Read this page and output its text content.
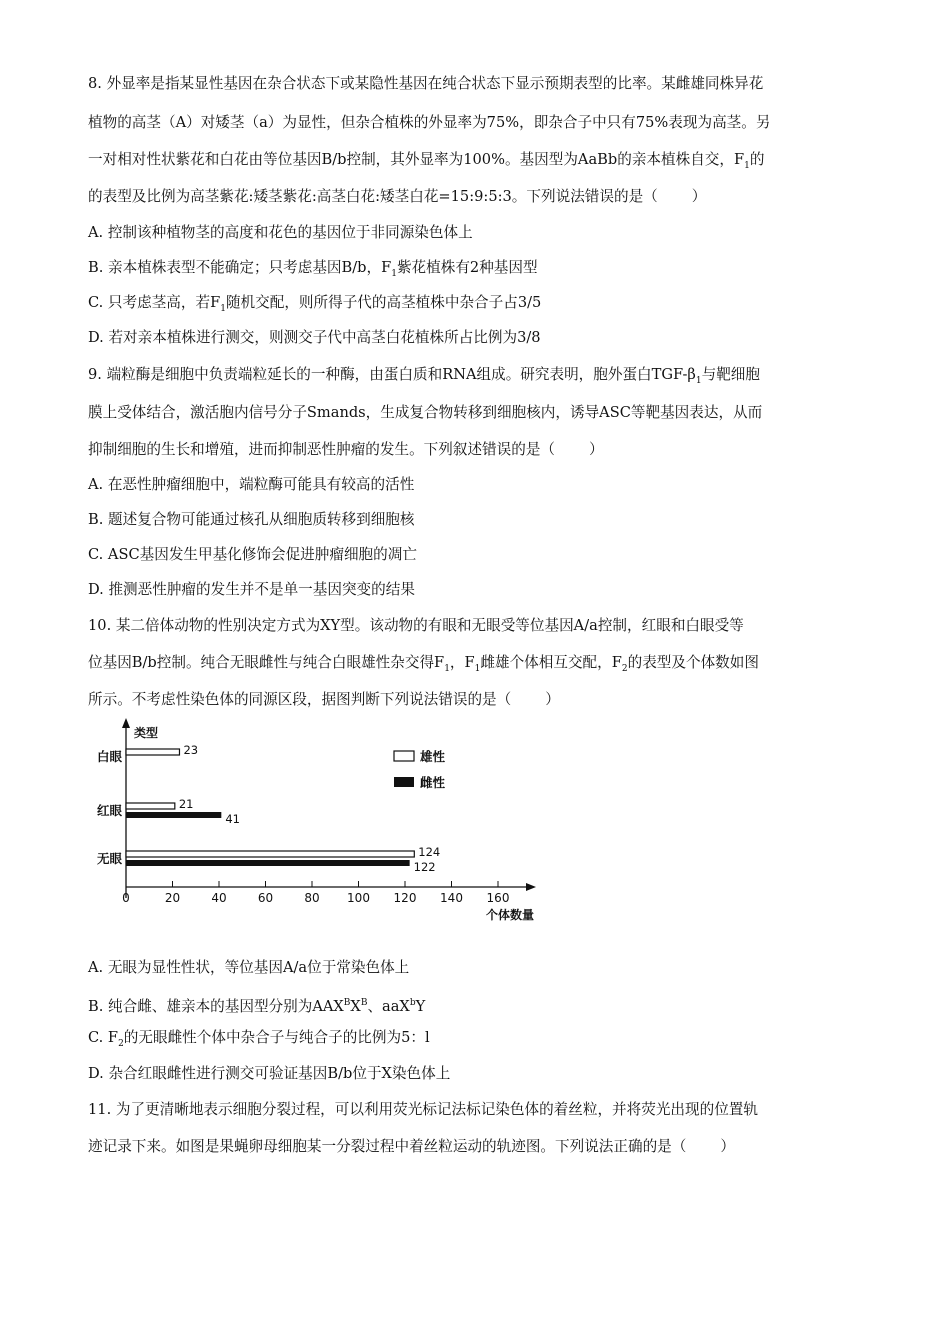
8. 外显率是指某显性基因在杂合状态下或某隐性基因在纯合状态下显示预期表型的比率。某雌雄同株异花
植物的高茎（A）对矮茎（a）为显性，但杂合植株的外显率为75%，即杂合子中只有75%表现为高茎。另
一对相对性状紫花和白花由等位基因B/b控制，其外显率为100%。基因型为AaBb的亲本植株自交，$F_1$的
的表型及比例为高茎紫花:矮茎紫花:高茎白花:矮茎白花=15:9:5:3。下列说法错误的是（ ）
A. 控制该种植物茎的高度和花色的基因位于非同源染色体上
B. 亲本植株表型不能确定；只考虑基因B/b，$F_1$紫花植株有2种基因型
C. 只考虑茎高，若$F_1$随机交配，则所得子代的高茎植株中杂合子占3/5
D. 若对亲本植株进行测交，则测交子代中高茎白花植株所占比例为3/8
9. 端粒酶是细胞中负责端粒延长的一种酶，由蛋白质和RNA组成。研究表明，胞外蛋白TGF-$\beta_1$与靶细胞
膜上受体结合，激活胞内信号分子Smands，生成复合物转移到细胞核内，诱导ASC等靶基因表达，从而
抑制细胞的生长和增殖，进而抑制恶性肿瘤的发生。下列叙述错误的是（ ）
A. 在恶性肿瘤细胞中，端粒酶可能具有较高的活性
B. 题述复合物可能通过核孔从细胞质转移到细胞核
C. ASC基因发生甲基化修饰会促进肿瘤细胞的凋亡
D. 推测恶性肿瘤的发生并不是单一基因突变的结果
10. 某二倍体动物的性别决定方式为XY型。该动物的有眼和无眼受等位基因A/a控制，红眼和白眼受等
位基因B/b控制。纯合无眼雌性与纯合白眼雄性杂交得$F_1$，$F_1$雌雄个体相互交配，$F_2$的表型及个体数如图
所示。不考虑性染色体的同源区段，据图判断下列说法错误的是（ ）
0	20	40	60	80 100 120 140 160
类型
个体数量
白眼	23
红眼	21
41
无眼	124
122
雄性
雌性
A. 无眼为显性性状，等位基因A/a位于常染色体上
B. 纯合雌、雄亲本的基因型分别为$AAX^BX^B$、aaX$^b$Y
C. $F_2$的无眼雌性个体中杂合子与纯合子的比例为5：l
D. 杂合红眼雌性进行测交可验证基因B/b位于X染色体上
11. 为了更清晰地表示细胞分裂过程，可以利用荧光标记法标记染色体的着丝粒，并将荧光出现的位置轨
迹记录下来。如图是果蝇卵母细胞某一分裂过程中着丝粒运动的轨迹图。下列说法正确的是（ ）
